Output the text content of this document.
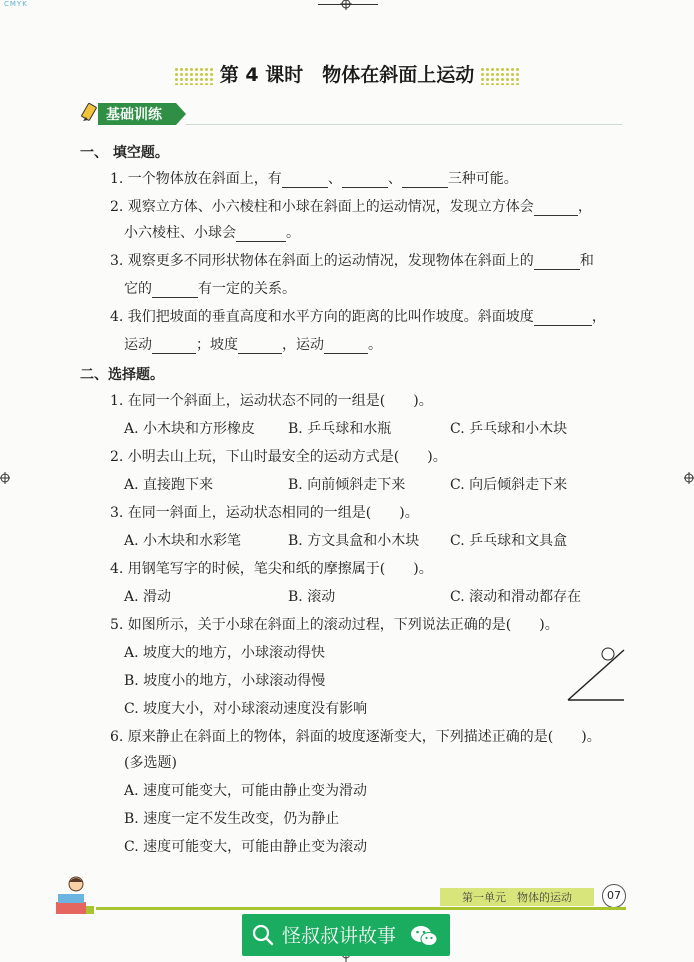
CMYK
第 4 课时　物体在斜面上运动
基础训练
一、 填空题。
1. 一个物体放在斜面上，有	、	、	三种可能。
2. 观察立方体、小六棱柱和小球在斜面上的运动情况，发现立方体会	，
小六棱柱、小球会	。
3. 观察更多不同形状物体在斜面上的运动情况，发现物体在斜面上的	和
它的	有一定的关系。
4. 我们把坡面的垂直高度和水平方向的距离的比叫作坡度。斜面坡度	，
运动	；坡度	，运动	。
二、选择题。
1. 在同一个斜面上，运动状态不同的一组是(　　)。
A. 小木块和方形橡皮 B. 乒乓球和水瓶	C. 乒乓球和小木块
2. 小明去山上玩，下山时最安全的运动方式是(　　)。
A. 直接跑下来	B. 向前倾斜走下来	C. 向后倾斜走下来
3. 在同一斜面上，运动状态相同的一组是(　　)。
A. 小木块和水彩笔	B. 方文具盒和小木块 C. 乒乓球和文具盒
4. 用钢笔写字的时候，笔尖和纸的摩擦属于(　　)。
A. 滑动	B. 滚动	C. 滚动和滑动都存在
5. 如图所示，关于小球在斜面上的滚动过程，下列说法正确的是(　　)。
A. 坡度大的地方，小球滚动得快
B. 坡度小的地方，小球滚动得慢
C. 坡度大小，对小球滚动速度没有影响
6. 原来静止在斜面上的物体，斜面的坡度逐渐变大，下列描述正确的是(　　)。
(多选题)
A. 速度可能变大，可能由静止变为滑动
B. 速度一定不发生改变，仍为静止
C. 速度可能变大，可能由静止变为滚动
第一单元　物体的运动	07
怪叔叔讲故事
